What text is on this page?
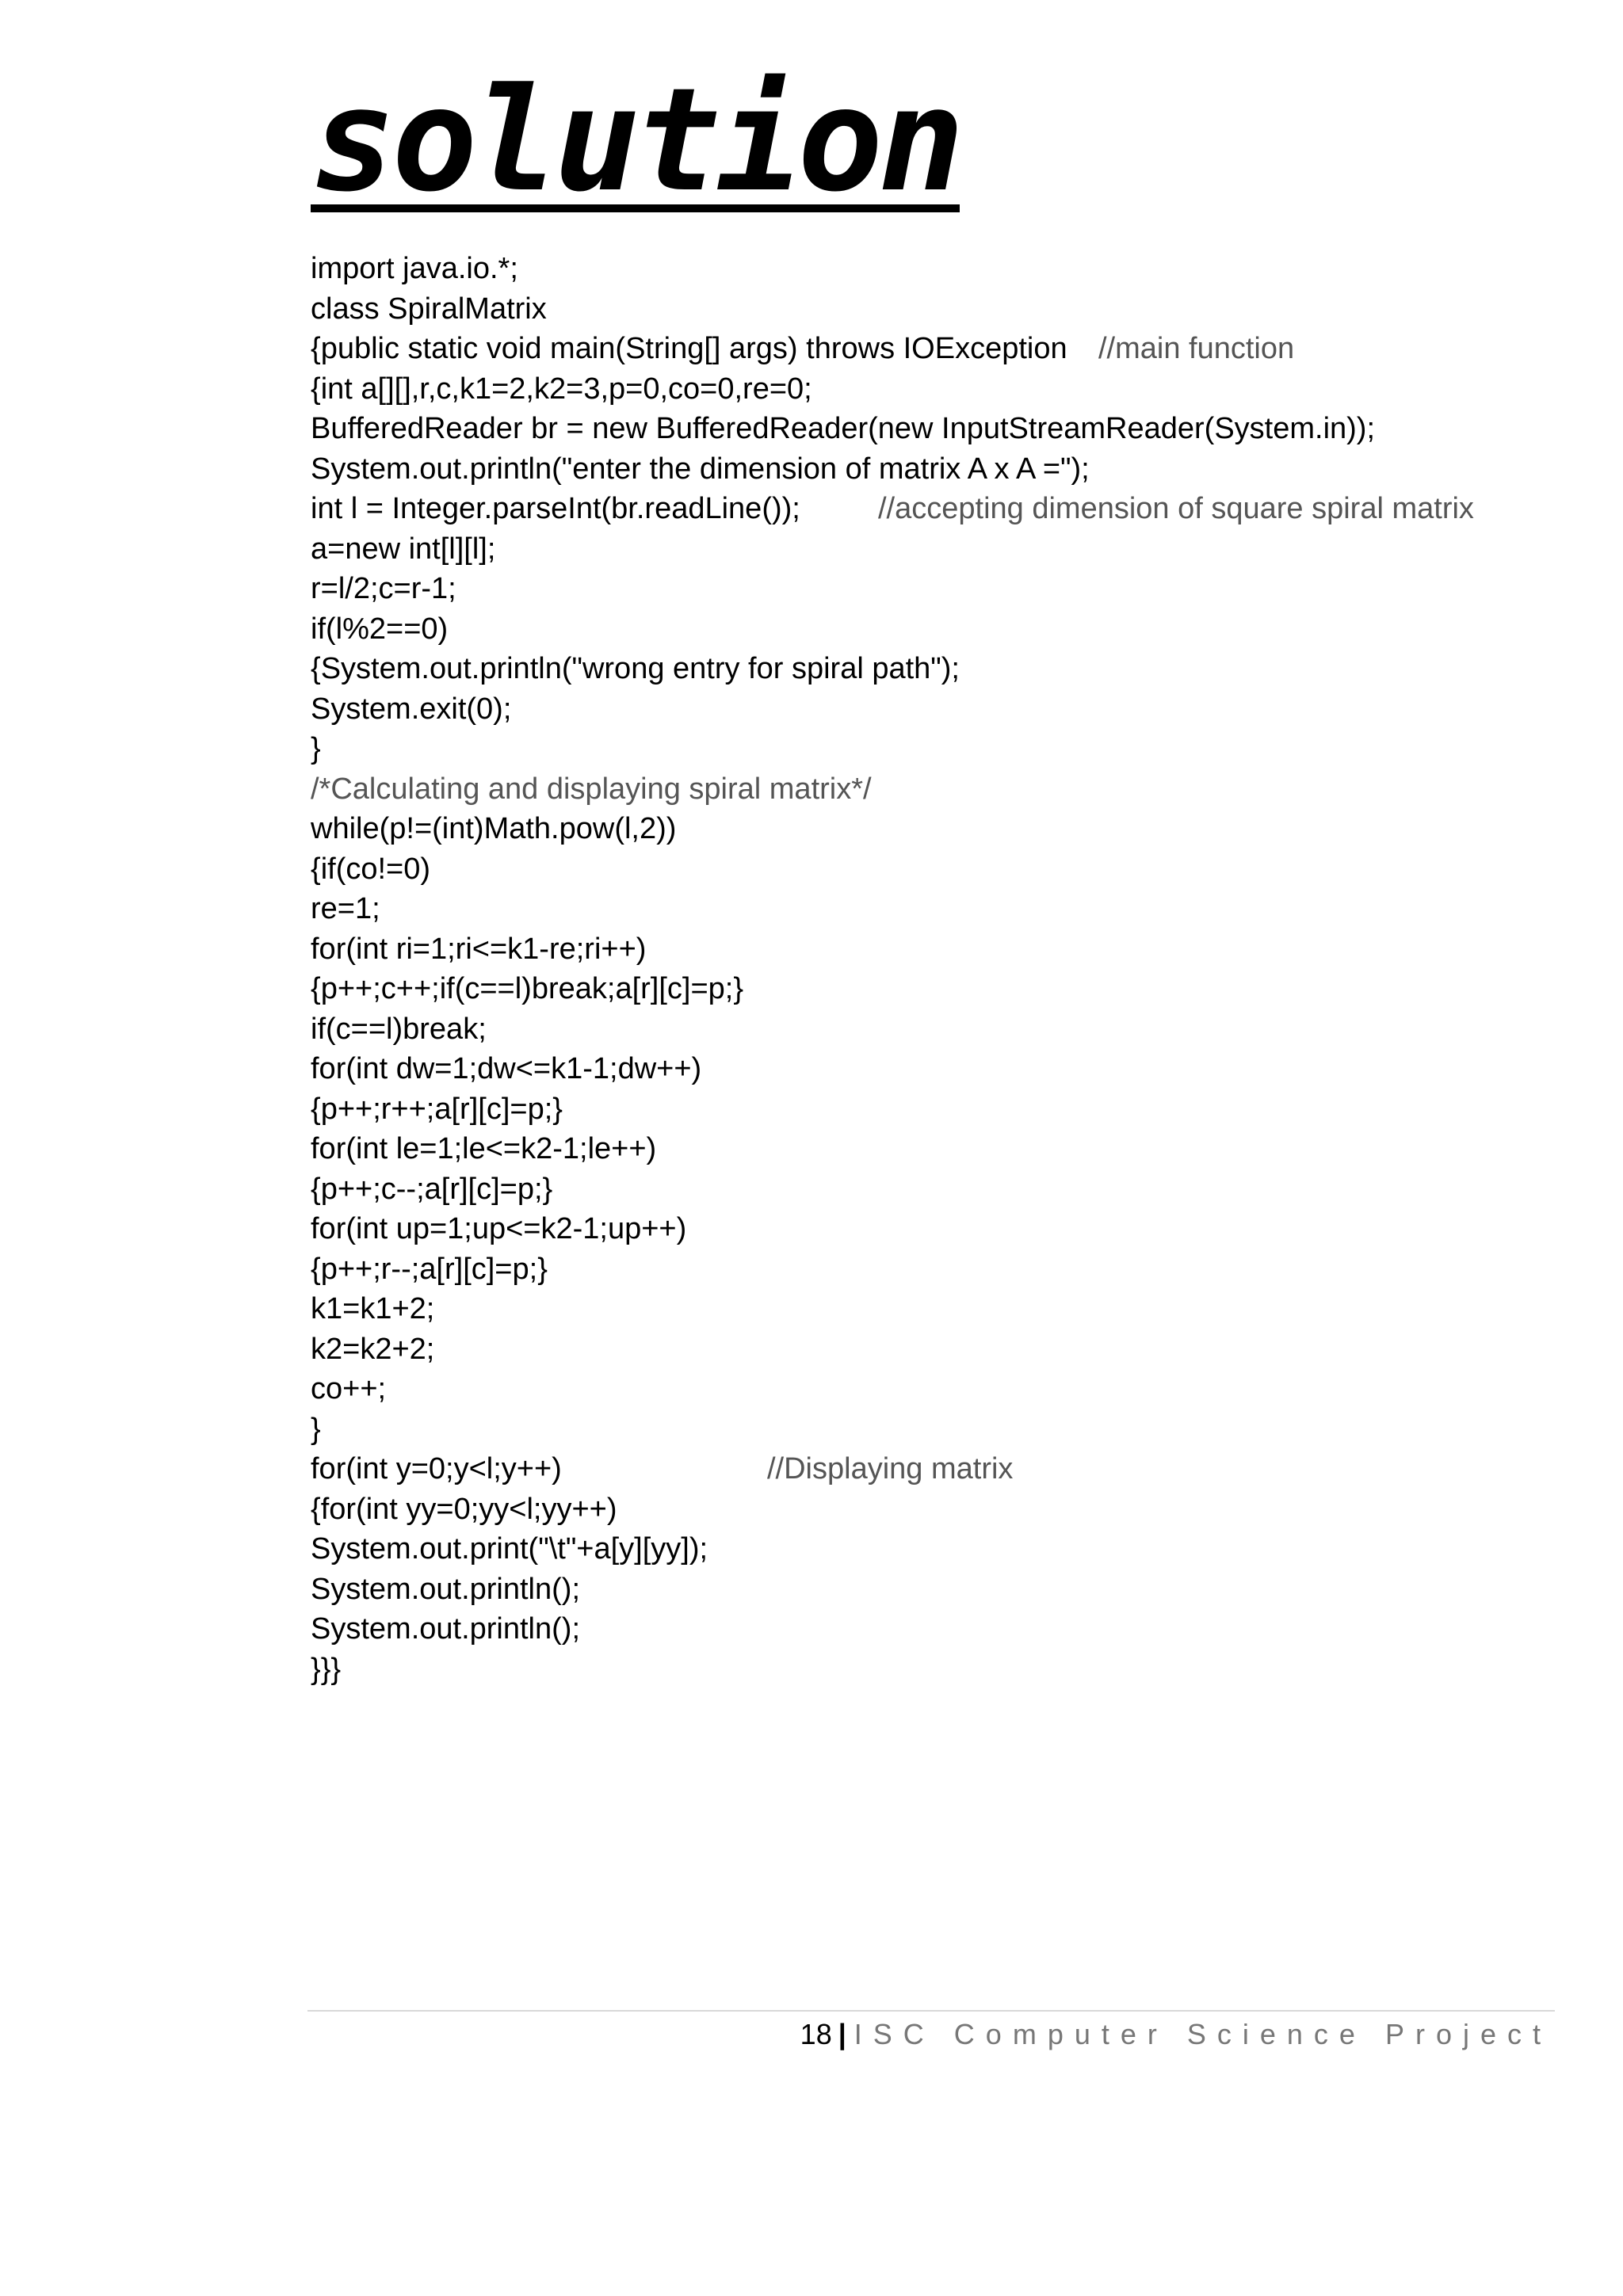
solution
import java.io.*;
class SpiralMatrix
{public static void main(String[] args) throws IOException //main function
{int a[][],r,c,k1=2,k2=3,p=0,co=0,re=0;
BufferedReader br = new BufferedReader(new InputStreamReader(System.in));
System.out.println("enter the dimension of matrix A x A =");
int l = Integer.parseInt(br.readLine());	//accepting dimension of square spiral matrix
a=new int[l][l];
r=l/2;c=r-1;
if(l%2==0)
{System.out.println("wrong entry for spiral path");
System.exit(0);
}
/*Calculating and displaying spiral matrix*/
while(p!=(int)Math.pow(l,2))
{if(co!=0)
re=1;
for(int ri=1;ri<=k1-re;ri++)
{p++;c++;if(c==l)break;a[r][c]=p;}
if(c==l)break;
for(int dw=1;dw<=k1-1;dw++)
{p++;r++;a[r][c]=p;}
for(int le=1;le<=k2-1;le++)
{p++;c--;a[r][c]=p;}
for(int up=1;up<=k2-1;up++)
{p++;r--;a[r][c]=p;}
k1=k1+2;
k2=k2+2;
co++;
}
for(int y=0;y<l;y++)	//Displaying matrix
{for(int yy=0;yy<l;yy++)
System.out.print("\t"+a[y][yy]);
System.out.println();
System.out.println();
}}}
18 | ISC Computer Science Project
